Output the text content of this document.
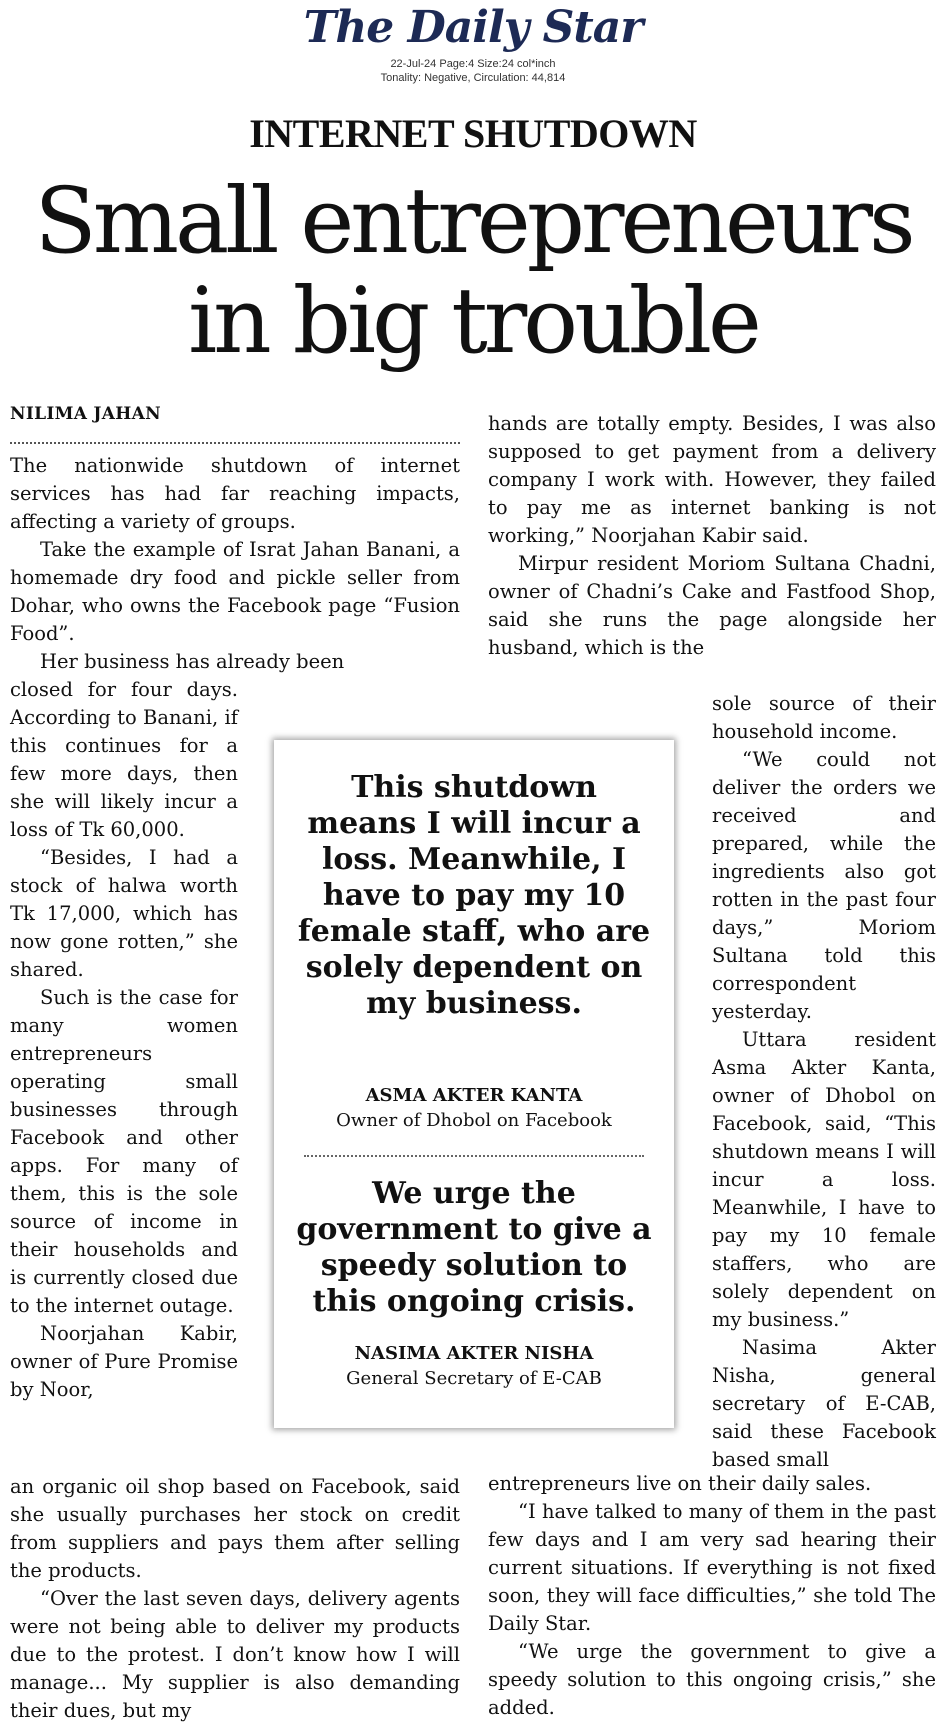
The Daily Star
22-Jul-24 Page:4 Size:24 col*inch
Tonality: Negative, Circulation: 44,814
INTERNET SHUTDOWN
Small entrepreneurs
in big trouble
NILIMA JAHAN

The nationwide shutdown of internet services has had far reaching impacts, affecting a variety of groups.

Take the example of Israt Jahan Banani, a homemade dry food and pickle seller from Dohar, who owns the Facebook page “Fusion Food”.

Her business has already been

closed for four days. According to Banani, if this continues for a few more days, then she will likely incur a loss of Tk 60,000.

“Besides, I had a stock of halwa worth Tk 17,000, which has now gone rotten,” she shared.

Such is the case for many women entrepreneurs operating small businesses through Facebook and other apps. For many of them, this is the sole source of income in their households and is currently closed due to the internet outage.

Noorjahan Kabir, owner of Pure Promise by Noor,

an organic oil shop based on Facebook, said she usually purchases her stock on credit from suppliers and pays them after selling the products.

“Over the last seven days, delivery agents were not being able to deliver my products due to the protest. I don’t know how I will manage... My supplier is also demanding their dues, but my

hands are totally empty. Besides, I was also supposed to get payment from a delivery company I work with. However, they failed to pay me as internet banking is not working,” Noorjahan Kabir said.

Mirpur resident Moriom Sultana Chadni, owner of Chadni’s Cake and Fastfood Shop, said she runs the page alongside her husband, which is the

sole source of their household income.

“We could not deliver the orders we received and prepared, while the ingredients also got rotten in the past four days,” Moriom Sultana told this correspondent yesterday.

Uttara resident Asma Akter Kanta, owner of Dhobol on Facebook, said, “This shutdown means I will incur a loss. Meanwhile, I have to pay my 10 female staffers, who are solely dependent on my business.”

Nasima Akter Nisha, general secretary of E-CAB, said these Facebook based small

entrepreneurs live on their daily sales.

“I have talked to many of them in the past few days and I am very sad hearing their current situations. If everything is not fixed soon, they will face difficulties,” she told The Daily Star.

“We urge the government to give a speedy solution to this ongoing crisis,” she added.

This shutdown means I will incur a loss. Meanwhile, I have to pay my 10 female staff, who are solely dependent on my business.
ASMA AKTER KANTA
Owner of Dhobol on Facebook
We urge the government to give a speedy solution to this ongoing crisis.
NASIMA AKTER NISHA
General Secretary of E-CAB
